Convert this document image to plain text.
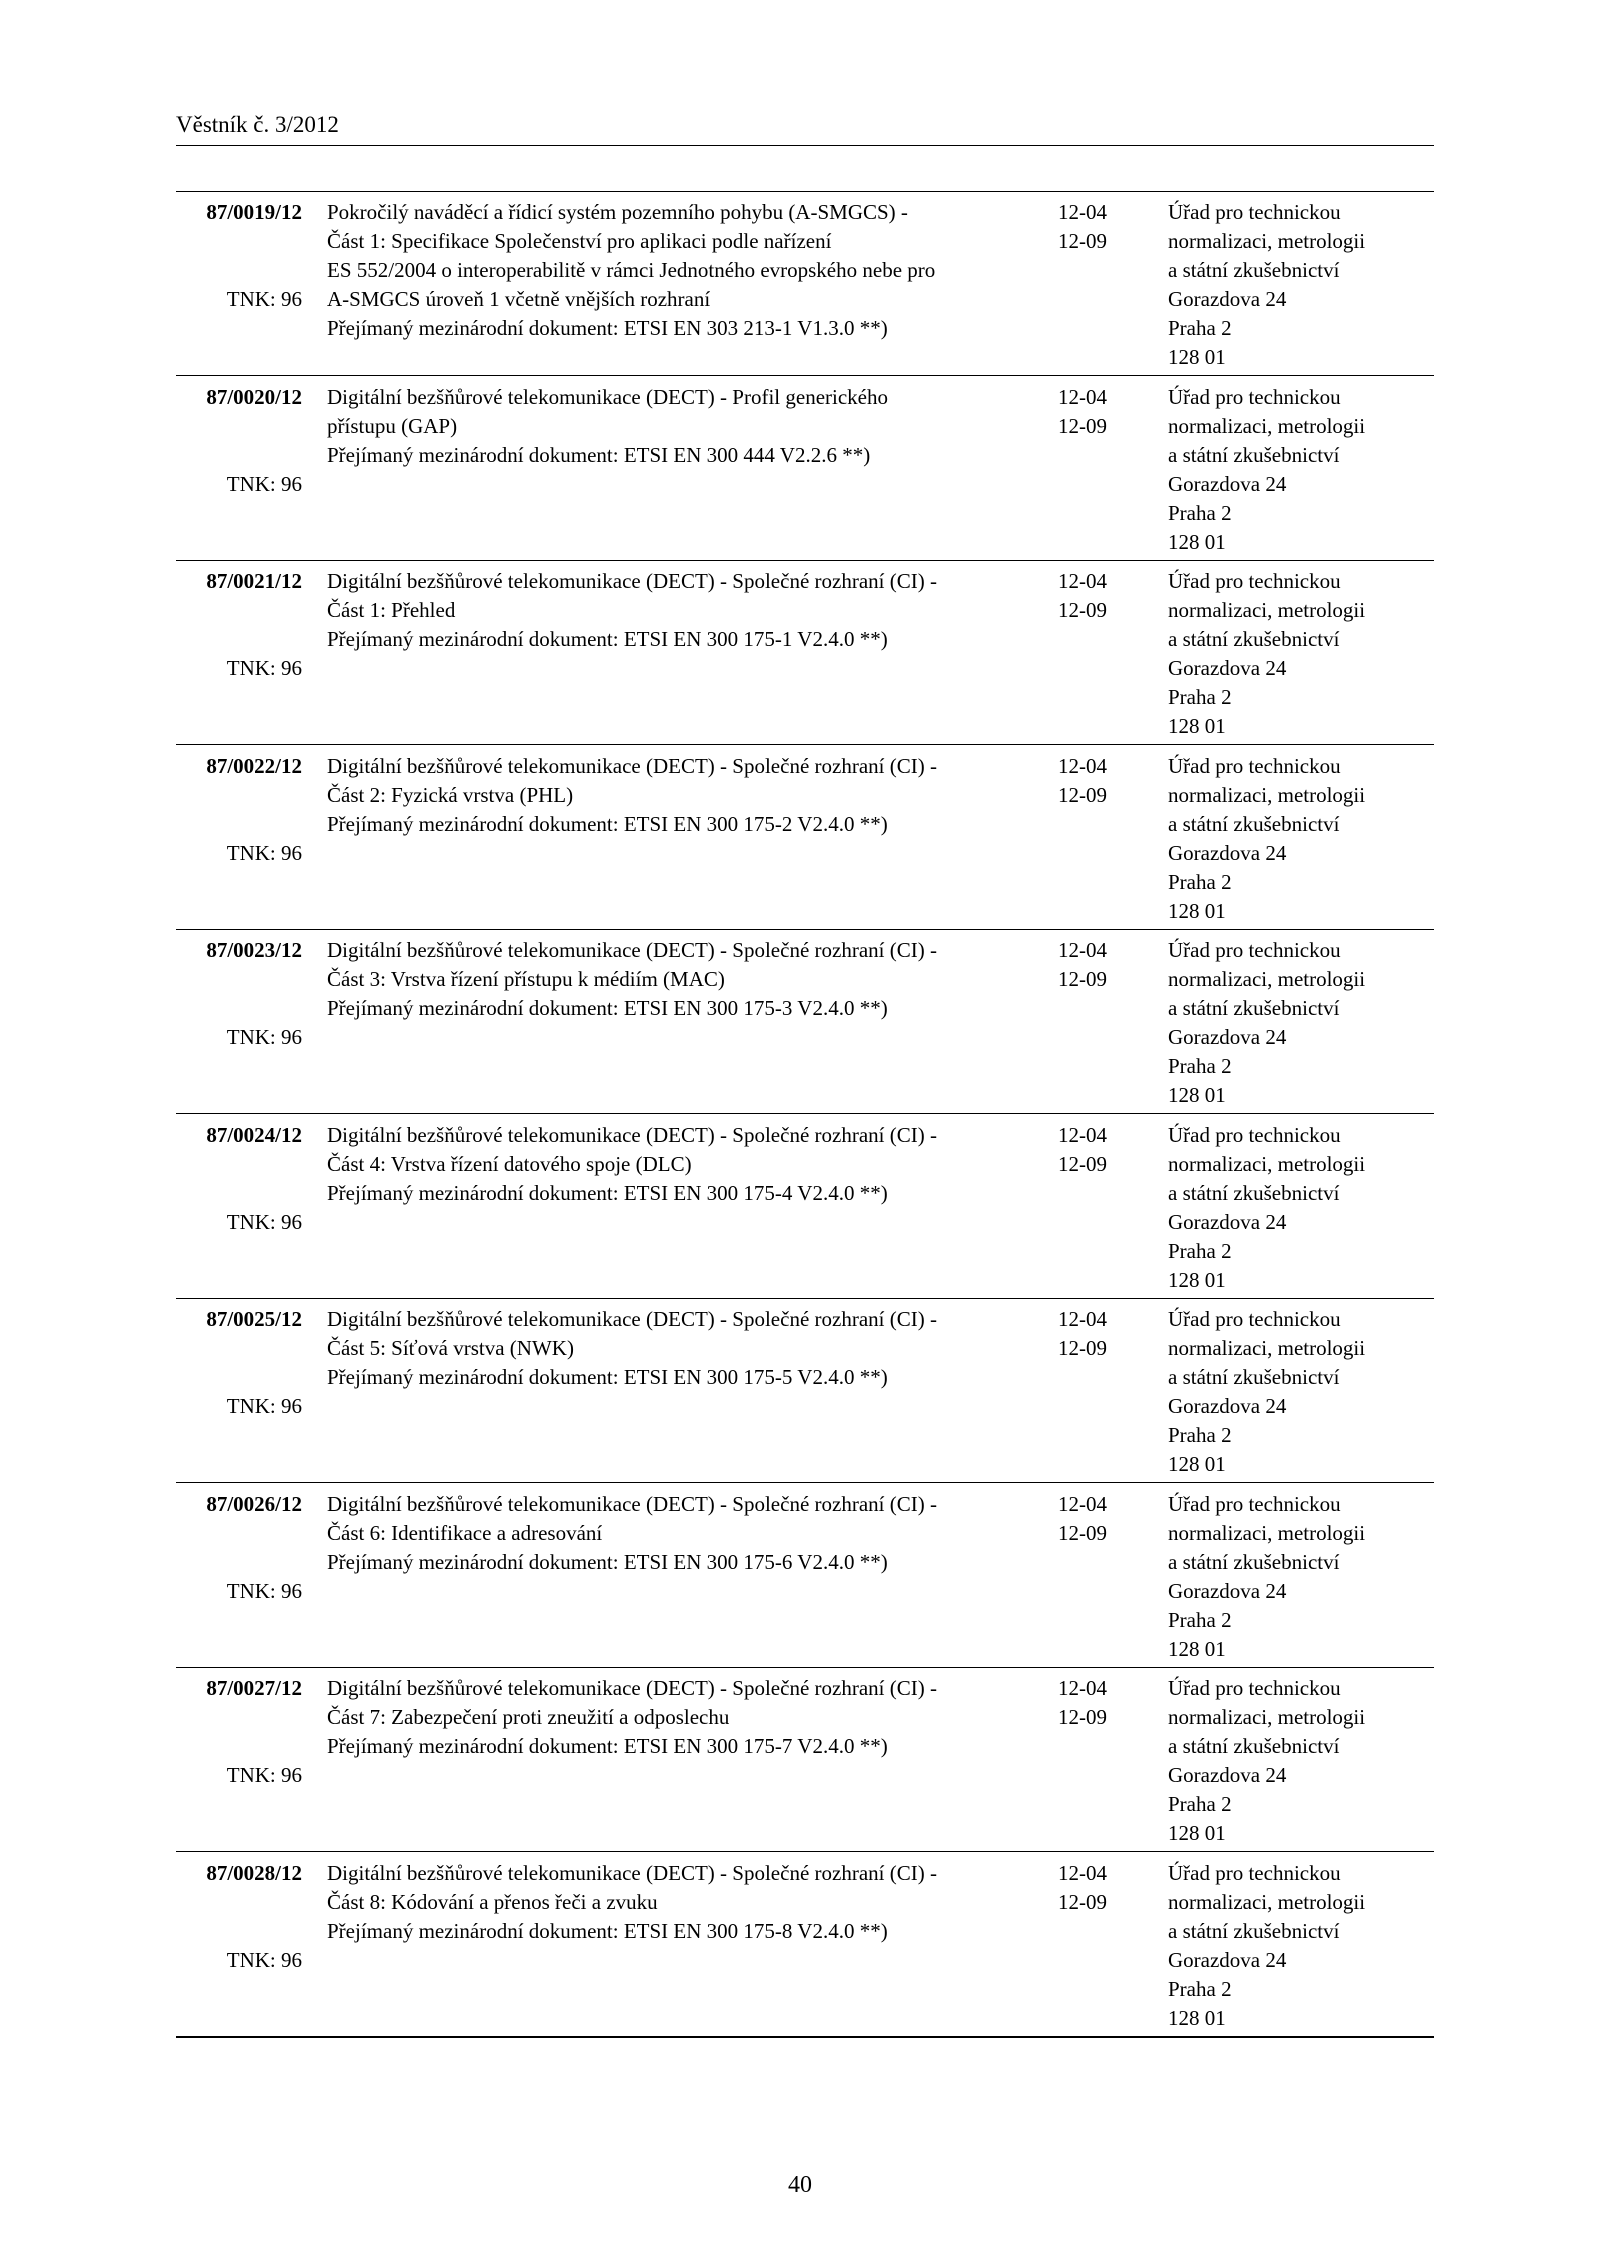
Věstník č. 3/2012
87/0019/12
TNK: 96
Pokročilý naváděcí a řídicí systém pozemního pohybu (A-SMGCS) -
Část 1: Specifikace Společenství pro aplikaci podle nařízení
ES 552/2004 o interoperabilitě v rámci Jednotného evropského nebe pro
A-SMGCS úroveň 1 včetně vnějších rozhraní
Přejímaný mezinárodní dokument: ETSI EN 303 213-1 V1.3.0 **)
12-04
12-09
Úřad pro technickou
normalizaci, metrologii
a státní zkušebnictví
Gorazdova 24
Praha 2
128 01
87/0020/12
TNK: 96
Digitální bezšňůrové telekomunikace (DECT) - Profil generického
přístupu (GAP)
Přejímaný mezinárodní dokument: ETSI EN 300 444 V2.2.6 **)
12-04
12-09
Úřad pro technickou
normalizaci, metrologii
a státní zkušebnictví
Gorazdova 24
Praha 2
128 01
87/0021/12
TNK: 96
Digitální bezšňůrové telekomunikace (DECT) - Společné rozhraní (CI) -
Část 1: Přehled
Přejímaný mezinárodní dokument: ETSI EN 300 175-1 V2.4.0 **)
12-04
12-09
Úřad pro technickou
normalizaci, metrologii
a státní zkušebnictví
Gorazdova 24
Praha 2
128 01
87/0022/12
TNK: 96
Digitální bezšňůrové telekomunikace (DECT) - Společné rozhraní (CI) -
Část 2: Fyzická vrstva (PHL)
Přejímaný mezinárodní dokument: ETSI EN 300 175-2 V2.4.0 **)
12-04
12-09
Úřad pro technickou
normalizaci, metrologii
a státní zkušebnictví
Gorazdova 24
Praha 2
128 01
87/0023/12
TNK: 96
Digitální bezšňůrové telekomunikace (DECT) - Společné rozhraní (CI) -
Část 3: Vrstva řízení přístupu k médiím (MAC)
Přejímaný mezinárodní dokument: ETSI EN 300 175-3 V2.4.0 **)
12-04
12-09
Úřad pro technickou
normalizaci, metrologii
a státní zkušebnictví
Gorazdova 24
Praha 2
128 01
87/0024/12
TNK: 96
Digitální bezšňůrové telekomunikace (DECT) - Společné rozhraní (CI) -
Část 4: Vrstva řízení datového spoje (DLC)
Přejímaný mezinárodní dokument: ETSI EN 300 175-4 V2.4.0 **)
12-04
12-09
Úřad pro technickou
normalizaci, metrologii
a státní zkušebnictví
Gorazdova 24
Praha 2
128 01
87/0025/12
TNK: 96
Digitální bezšňůrové telekomunikace (DECT) - Společné rozhraní (CI) -
Část 5: Síťová vrstva (NWK)
Přejímaný mezinárodní dokument: ETSI EN 300 175-5 V2.4.0 **)
12-04
12-09
Úřad pro technickou
normalizaci, metrologii
a státní zkušebnictví
Gorazdova 24
Praha 2
128 01
87/0026/12
TNK: 96
Digitální bezšňůrové telekomunikace (DECT) - Společné rozhraní (CI) -
Část 6: Identifikace a adresování
Přejímaný mezinárodní dokument: ETSI EN 300 175-6 V2.4.0 **)
12-04
12-09
Úřad pro technickou
normalizaci, metrologii
a státní zkušebnictví
Gorazdova 24
Praha 2
128 01
87/0027/12
TNK: 96
Digitální bezšňůrové telekomunikace (DECT) - Společné rozhraní (CI) -
Část 7: Zabezpečení proti zneužití a odposlechu
Přejímaný mezinárodní dokument: ETSI EN 300 175-7 V2.4.0 **)
12-04
12-09
Úřad pro technickou
normalizaci, metrologii
a státní zkušebnictví
Gorazdova 24
Praha 2
128 01
87/0028/12
TNK: 96
Digitální bezšňůrové telekomunikace (DECT) - Společné rozhraní (CI) -
Část 8: Kódování a přenos řeči a zvuku
Přejímaný mezinárodní dokument: ETSI EN 300 175-8 V2.4.0 **)
12-04
12-09
Úřad pro technickou
normalizaci, metrologii
a státní zkušebnictví
Gorazdova 24
Praha 2
128 01
40
